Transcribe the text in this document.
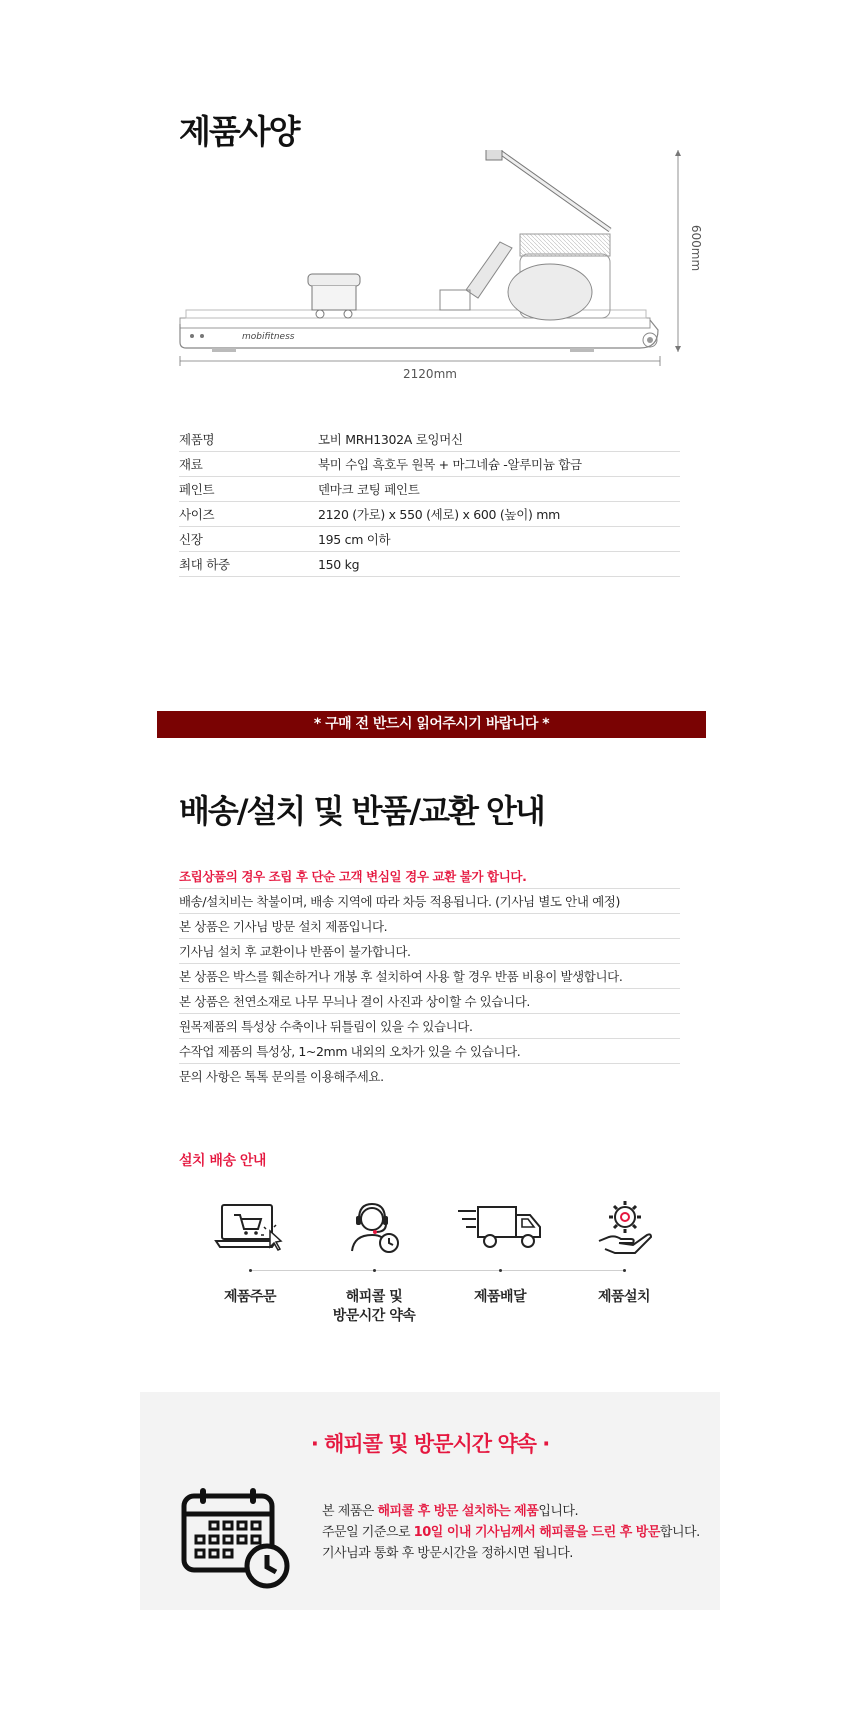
제품사양
mobifitness
600mm
2120mm
제품명	모비 MRH1302A 로잉머신
재료	북미 수입 흑호두 원목 + 마그네슘 -알루미늄 합금
페인트	덴마크 코팅 페인트
사이즈	2120 (가로) x 550 (세로) x 600 (높이) mm
신장	195 cm 이하
최대 하중	150 kg
* 구매 전 반드시 읽어주시기 바랍니다 *
배송/설치 및 반품/교환 안내
조립상품의 경우 조립 후 단순 고객 변심일 경우 교환 불가 합니다.
배송/설치비는 착불이며, 배송 지역에 따라 차등 적용됩니다. (기사님 별도 안내 예정)
본 상품은 기사님 방문 설치 제품입니다.
기사님 설치 후 교환이나 반품이 불가합니다.
본 상품은 박스를 훼손하거나 개봉 후 설치하여 사용 할 경우 반품 비용이 발생합니다.
본 상품은 천연소재로 나무 무늬나 결이 사진과 상이할 수 있습니다.
원목제품의 특성상 수축이나 뒤틀림이 있을 수 있습니다.
수작업 제품의 특성상, 1~2mm 내외의 오차가 있을 수 있습니다.
문의 사항은 톡톡 문의를 이용해주세요.
설치 배송 안내
제품주문	해피콜 및
방문시간 약속
제품배달	제품설치
· 해피콜 및 방문시간 약속 ·
본 제품은 해피콜 후 방문 설치하는 제품입니다.
주문일 기준으로 10일 이내 기사님께서 해피콜을 드린 후 방문합니다.
기사님과 통화 후 방문시간을 정하시면 됩니다.
